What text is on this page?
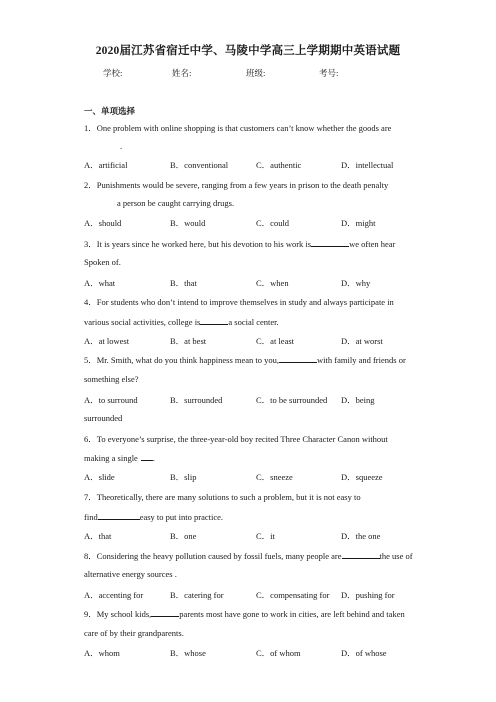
2020届江苏省宿迁中学、马陵中学高三上学期期中英语试题
学校:	姓名:	班级:	考号:
一、单项选择
1．One problem with online shopping is that customers can’t know whether the goods are
.
A．artificial	B．conventional	C．authentic	D．intellectual
2．Punishments would be severe, ranging from a few years in prison to the death penalty
a person be caught carrying drugs.
A．should	B．would	C．could	D．might
3．It is years since he worked here, but his devotion to his work is	we often hear
Spoken of.
A．what	B．that	C．when	D．why
4．For students who don’t intend to improve themselves in study and always participate in
various social activities, college is	a social center.
A．at lowest	B．at best	C．at least	D．at worst
5．Mr. Smith, what do you think happiness mean to you,	with family and friends or
something else?
A．to surround	B．surrounded	C．to be surrounded D．being
surrounded
6．To everyone’s surprise, the three-year-old boy recited Three Character Canon without
making a single .
A．slide	B．slip	C．sneeze	D．squeeze
7．Theoretically, there are many solutions to such a problem, but it is not easy to
find	easy to put into practice.
A．that	B．one	C．it	D．the one
8．Considering the heavy pollution caused by fossil fuels, many people are	the use of
alternative energy sources .
A．accenting for	B．catering for	C．compensating for D．pushing for
9．My school kids,	parents most have gone to work in cities, are left behind and taken
care of by their grandparents.
A．whom	B．whose	C．of whom	D．of whose
